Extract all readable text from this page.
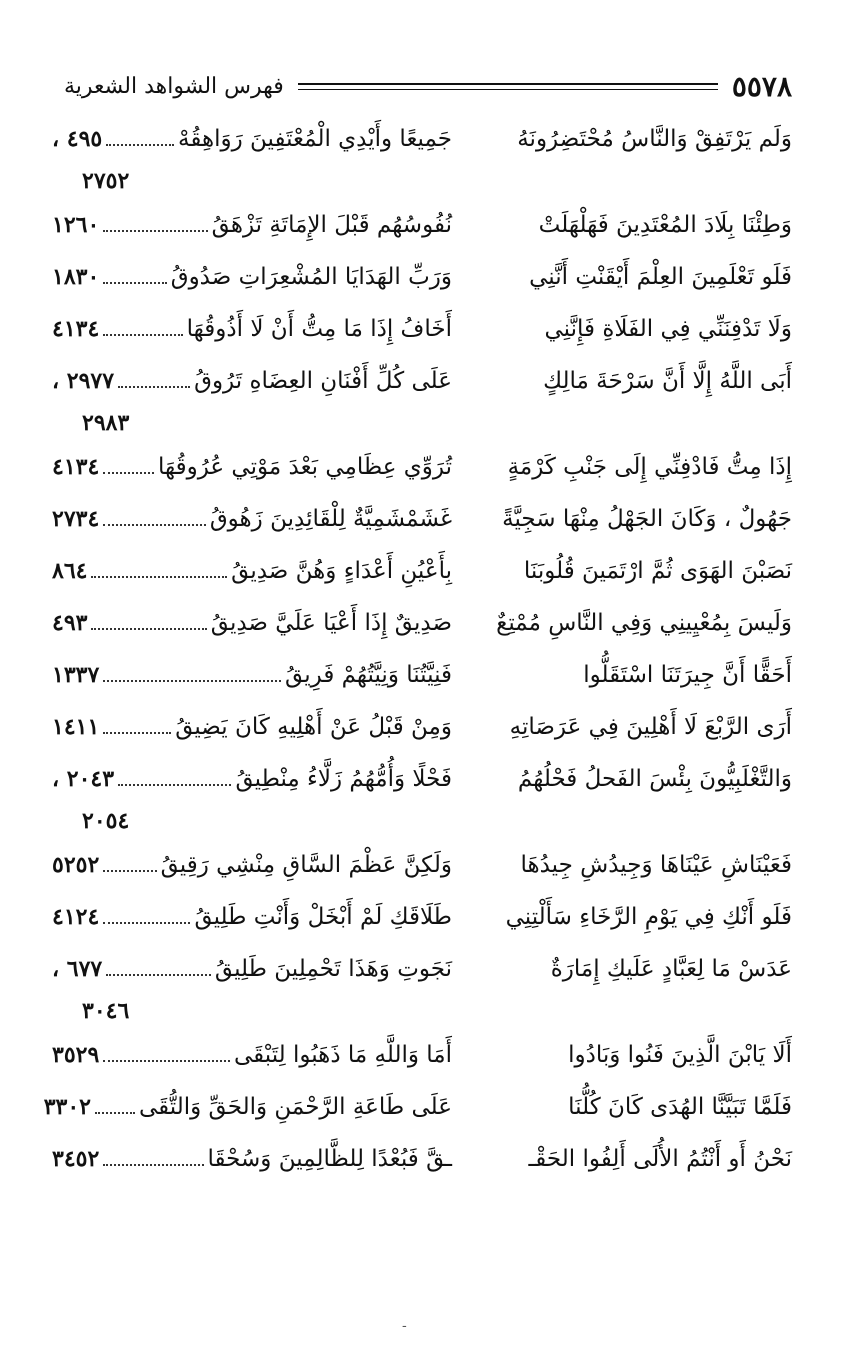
٥٥٧٨
فهرس الشواهد الشعرية
وَلَم يَرْتَفِقْ وَالنَّاسُ مُحْتَضِرُونَهُ
جَمِيعًا وأَيْدِي الْمُعْتَفِينَ رَوَاهِقُهْ
٤٩٥ ،
٢٧٥٢
وَطِئْنَا بِلَادَ المُعْتَدِينَ فَهَلْهَلَتْ
نُفُوسُهُم قَبْلَ الإِمَاتَةِ تَزْهَقُ
١٢٦٠
فَلَو تَعْلَمِينَ العِلْمَ أَيْقَنْتِ أَنَّنِي
وَرَبِّ الهَدَايَا المُشْعِرَاتِ صَدُوقُ
١٨٣٠
وَلَا تَدْفِنَنِّي فِي الفَلَاةِ فَإِنَّنِي
أَخَافُ إِذَا مَا مِتُّ أَنْ لَا أَذُوقُهَا
٤١٣٤
أَبَى اللَّهُ إِلَّا أَنَّ سَرْحَةَ مَالِكٍ
عَلَى كُلِّ أَفْنَانِ العِضَاهِ تَرُوقُ
٢٩٧٧ ،
٢٩٨٣
إِذَا مِتُّ فَادْفِنِّي إِلَى جَنْبِ كَرْمَةٍ
تُرَوِّي عِظَامِي بَعْدَ مَوْتِي عُرُوقُهَا
٤١٣٤
جَهُولٌ ، وَكَانَ الجَهْلُ مِنْهَا سَجِيَّةً
غَشَمْشَمِيَّةٌ لِلْقَائِدِينَ زَهُوقُ
٢٧٣٤
نَصَبْنَ الهَوَى ثُمَّ ارْتَمَينَ قُلُوبَنَا
بِأَعْيُنِ أَعْدَاءٍ وَهُنَّ صَدِيقُ
٨٦٤
وَلَيسَ بِمُعْيِينِي وَفِي النَّاسِ مُمْتِعٌ
صَدِيقٌ إِذَا أَعْيَا عَلَيَّ صَدِيقُ
٤٩٣
أَحَقًّا أَنَّ جِيرَتَنَا اسْتَقَلُّوا
فَنِيَّتُنَا وَنِيَّتُهُمْ فَرِيقُ
١٣٣٧
أَرَى الرَّبْعَ لَا أَهْلِينَ فِي عَرَصَاتِهِ
وَمِنْ قَبْلُ عَنْ أَهْلِيهِ كَانَ يَضِيقُ
١٤١١
وَالتَّغْلَبِيُّونَ بِئْسَ الفَحلُ فَحْلُهُمُ
فَحْلًا وَأُمُّهُمُ زَلَّاءُ مِنْطِيقُ
٢٠٤٣ ،
٢٠٥٤
فَعَيْنَاشِ عَيْنَاهَا وَجِيدُشِ جِيدُهَا
وَلَكِنَّ عَظْمَ السَّاقِ مِنْشِي رَقِيقُ
٥٢٥٢
فَلَو أَنْكِ فِي يَوْمِ الرَّخَاءِ سَأَلْتِنِي
طَلَاقَكِ لَمْ أَبْخَلْ وَأَنْتِ طَلِيقُ
٤١٢٤
عَدَسْ مَا لِعَبَّادٍ عَلَيكِ إِمَارَةٌ
نَجَوتِ وَهَذَا تَحْمِلِينَ طَلِيقُ
٦٧٧ ،
٣٠٤٦
أَلَا يَابْنَ الَّذِينَ فَنُوا وَبَادُوا
أَمَا وَاللَّهِ مَا ذَهَبُوا لِتَبْقَى
٣٥٢٩
فَلَمَّا تَبَيَّنَّا الهُدَى كَانَ كُلُّنَا
عَلَى طَاعَةِ الرَّحْمَنِ وَالحَقِّ وَالتُّقَى
٣٣٠٢
نَحْنُ أَو أَنْتُمُ الأُلَى أَلِفُوا الحَقْـ
ـقَّ فَبُعْدًا لِلظَّالِمِينَ وَسُحْقَا
٣٤٥٢
-
